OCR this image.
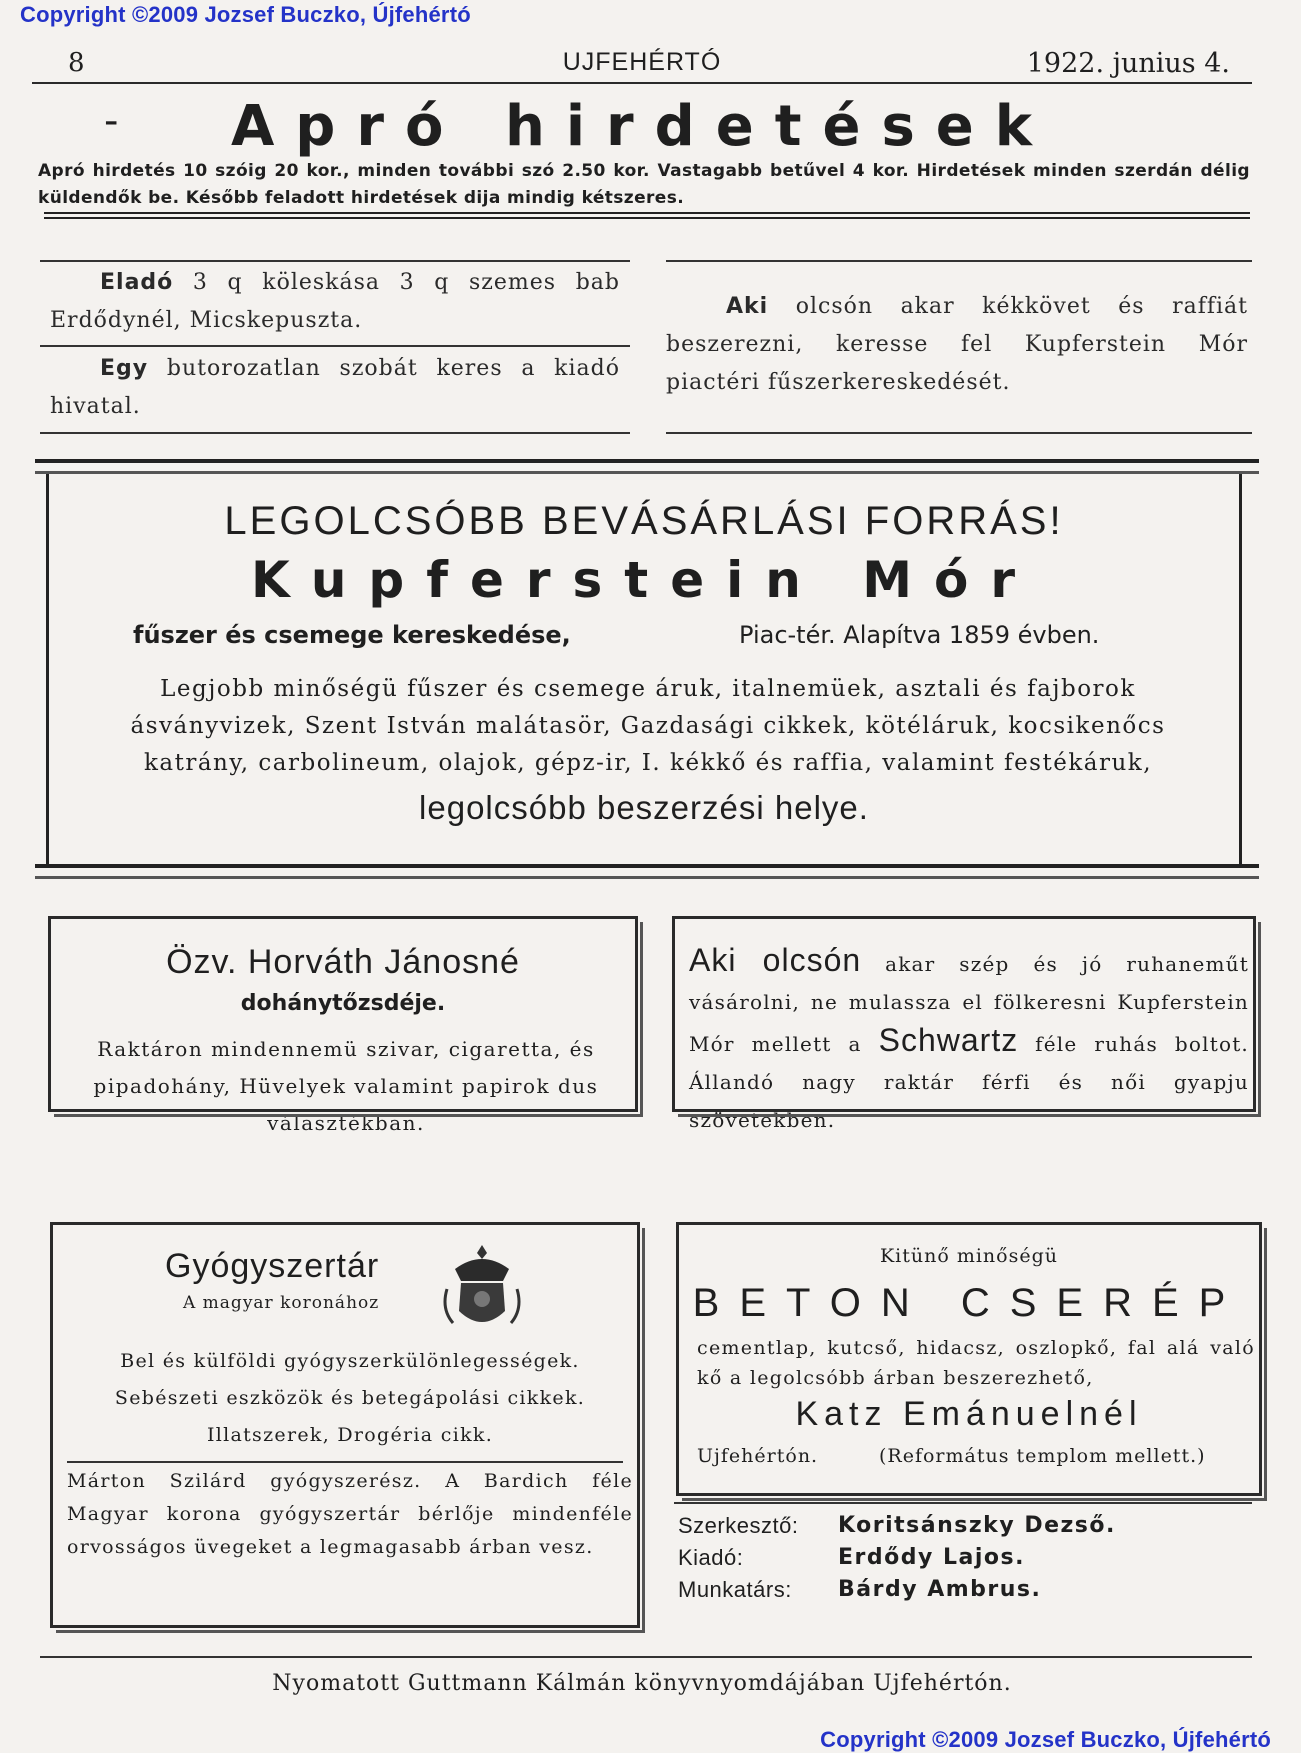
Copyright ©2009 Jozsef Buczko, Újfehértó
8	UJFEHÉRTÓ	1922. junius 4.
- Apró hirdetések
Apró hirdetés 10 szóig 20 kor., minden további szó 2.50 kor. Vastagabb betűvel 4 kor. Hirdetések minden szerdán délig küldendők be. Később feladott hirdetések dija mindig kétszeres.
Eladó 3 q köleskása 3 q szemes bab Erdődynél, Micskepuszta.
Egy butorozatlan szobát keres a kiadó hivatal.
Aki olcsón akar kékkövet és raffiát beszerezni, keresse fel Kupferstein Mór piactéri fűszerkereskedését.
LEGOLCSÓBB BEVÁSÁRLÁSI FORRÁS!
Kupferstein Mór
fűszer és csemege kereskedése,	Piac-tér. Alapítva 1859 évben.
Legjobb minőségü fűszer és csemege áruk, italnemüek, asztali és fajborok ásványvizek, Szent István malátasör, Gazdasági cikkek, kötéláruk, kocsikenőcs katrány, carbolineum, olajok, gépz-ir, I. kékkő és raffia, valamint festékáruk,
legolcsóbb beszerzési helye.
Özv. Horváth Jánosné
dohánytőzsdéje.
Raktáron mindennemü szivar, cigaretta, és pipadohány, Hüvelyek valamint papirok dus választékban.
Aki olcsón akar szép és jó ruhaneműt vásárolni, ne mulassza el fölkeresni Kupferstein Mór mellett a Schwartz féle ruhás boltot. Állandó nagy raktár férfi és női gyapju szövetekben.
Gyógyszertár
A magyar koronához
Bel és külföldi gyógyszerkülönlegességek. Sebészeti eszközök és betegápolási cikkek. Illatszerek, Drogéria cikk.
Márton Szilárd gyógyszerész. A Bardich féle Magyar korona gyógyszertár bérlője mindenféle orvosságos üvegeket a legmagasabb árban vesz.
Kitünő minőségü
BETON CSERÉP
cementlap, kutcső, hidacsz, oszlopkő, fal alá való kő a legolcsóbb árban beszerezhető,
Katz Emánuelnél
Ujfehértón.	(Református templom mellett.)
Szerkesztő:	Koritsánszky Dezső.
Kiadó:	Erdődy Lajos.
Munkatárs:	Bárdy Ambrus.
Nyomatott Guttmann Kálmán könyvnyomdájában Ujfehértón.
Copyright ©2009 Jozsef Buczko, Újfehértó
